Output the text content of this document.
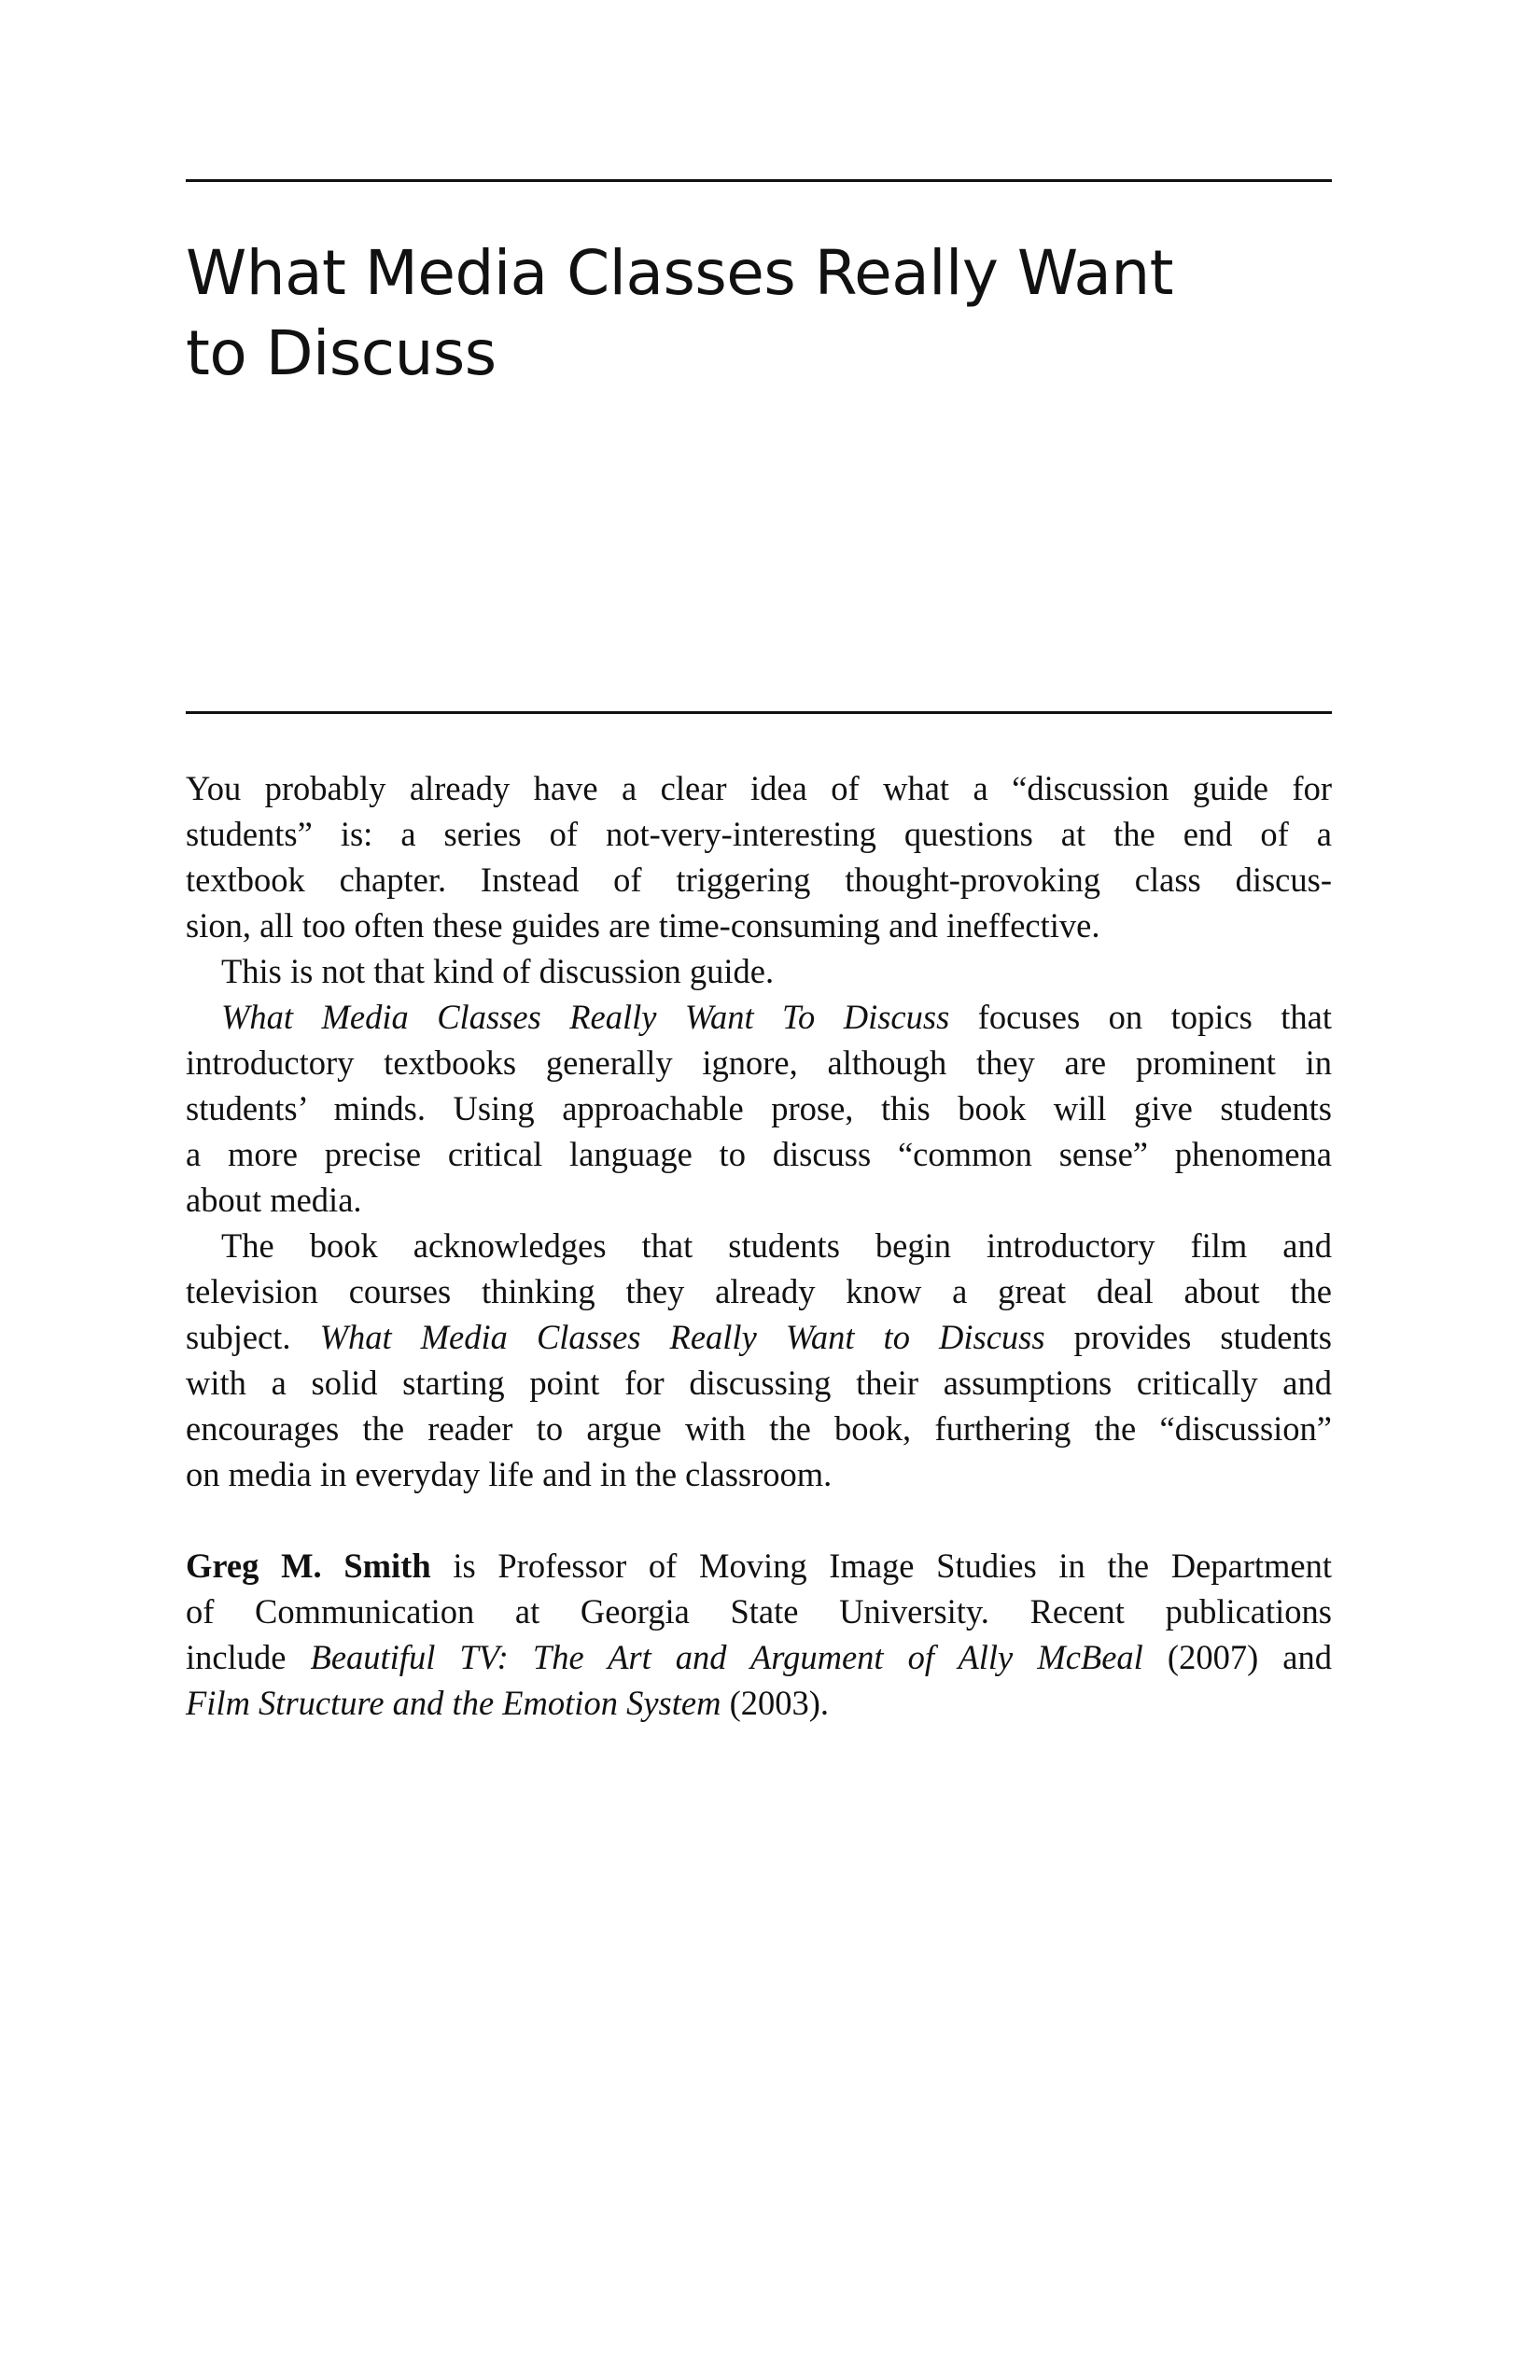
What Media Classes Really Want
to Discuss

You probably already have a clear idea of what a “discussion guide for
students” is: a series of not-very-interesting questions at the end of a
textbook chapter. Instead of triggering thought-provoking class discus-
sion, all too often these guides are time-consuming and ineffective.

This is not that kind of discussion guide.

What Media Classes Really Want To Discuss focuses on topics that
introductory textbooks generally ignore, although they are prominent in
students’ minds. Using approachable prose, this book will give students
a more precise critical language to discuss “common sense” phenomena
about media.

The book acknowledges that students begin introductory film and
television courses thinking they already know a great deal about the
subject. What Media Classes Really Want to Discuss provides students
with a solid starting point for discussing their assumptions critically and
encourages the reader to argue with the book, furthering the “discussion”
on media in everyday life and in the classroom.

Greg M. Smith is Professor of Moving Image Studies in the Department
of Communication at Georgia State University. Recent publications
include Beautiful TV: The Art and Argument of Ally McBeal (2007) and
Film Structure and the Emotion System (2003).
